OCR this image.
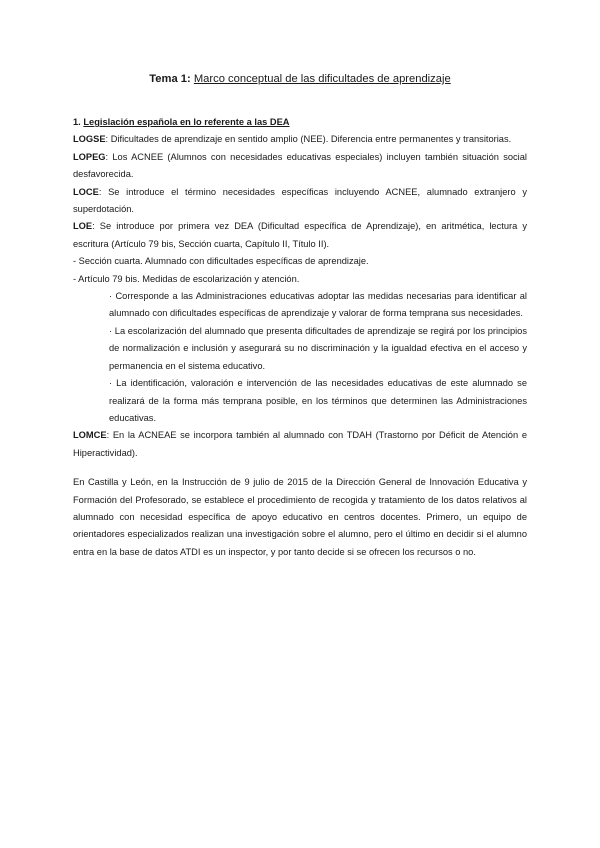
Tema 1: Marco conceptual de las dificultades de aprendizaje

1. Legislación española en lo referente a las DEA

LOGSE: Dificultades de aprendizaje en sentido amplio (NEE). Diferencia entre permanentes y transitorias.

LOPEG: Los ACNEE (Alumnos con necesidades educativas especiales) incluyen también situación social desfavorecida.

LOCE: Se introduce el término necesidades específicas incluyendo ACNEE, alumnado extranjero y superdotación.

LOE: Se introduce por primera vez DEA (Dificultad específica de Aprendizaje), en aritmética, lectura y escritura (Artículo 79 bis, Sección cuarta, Capítulo II, Título II).

- Sección cuarta. Alumnado con dificultades específicas de aprendizaje.

- Artículo 79 bis. Medidas de escolarización y atención.

· Corresponde a las Administraciones educativas adoptar las medidas necesarias para identificar al alumnado con dificultades específicas de aprendizaje y valorar de forma temprana sus necesidades.

· La escolarización del alumnado que presenta dificultades de aprendizaje se regirá por los principios de normalización e inclusión y asegurará su no discriminación y la igualdad efectiva en el acceso y permanencia en el sistema educativo.

· La identificación, valoración e intervención de las necesidades educativas de este alumnado se realizará de la forma más temprana posible, en los términos que determinen las Administraciones educativas.

LOMCE: En la ACNEAE se incorpora también al alumnado con TDAH (Trastorno por Déficit de Atención e Hiperactividad).

En Castilla y León, en la Instrucción de 9 julio de 2015 de la Dirección General de Innovación Educativa y Formación del Profesorado, se establece el procedimiento de recogida y tratamiento de los datos relativos al alumnado con necesidad específica de apoyo educativo en centros docentes. Primero, un equipo de orientadores especializados realizan una investigación sobre el alumno, pero el último en decidir si el alumno entra en la base de datos ATDI es un inspector, y por tanto decide si se ofrecen los recursos o no.
